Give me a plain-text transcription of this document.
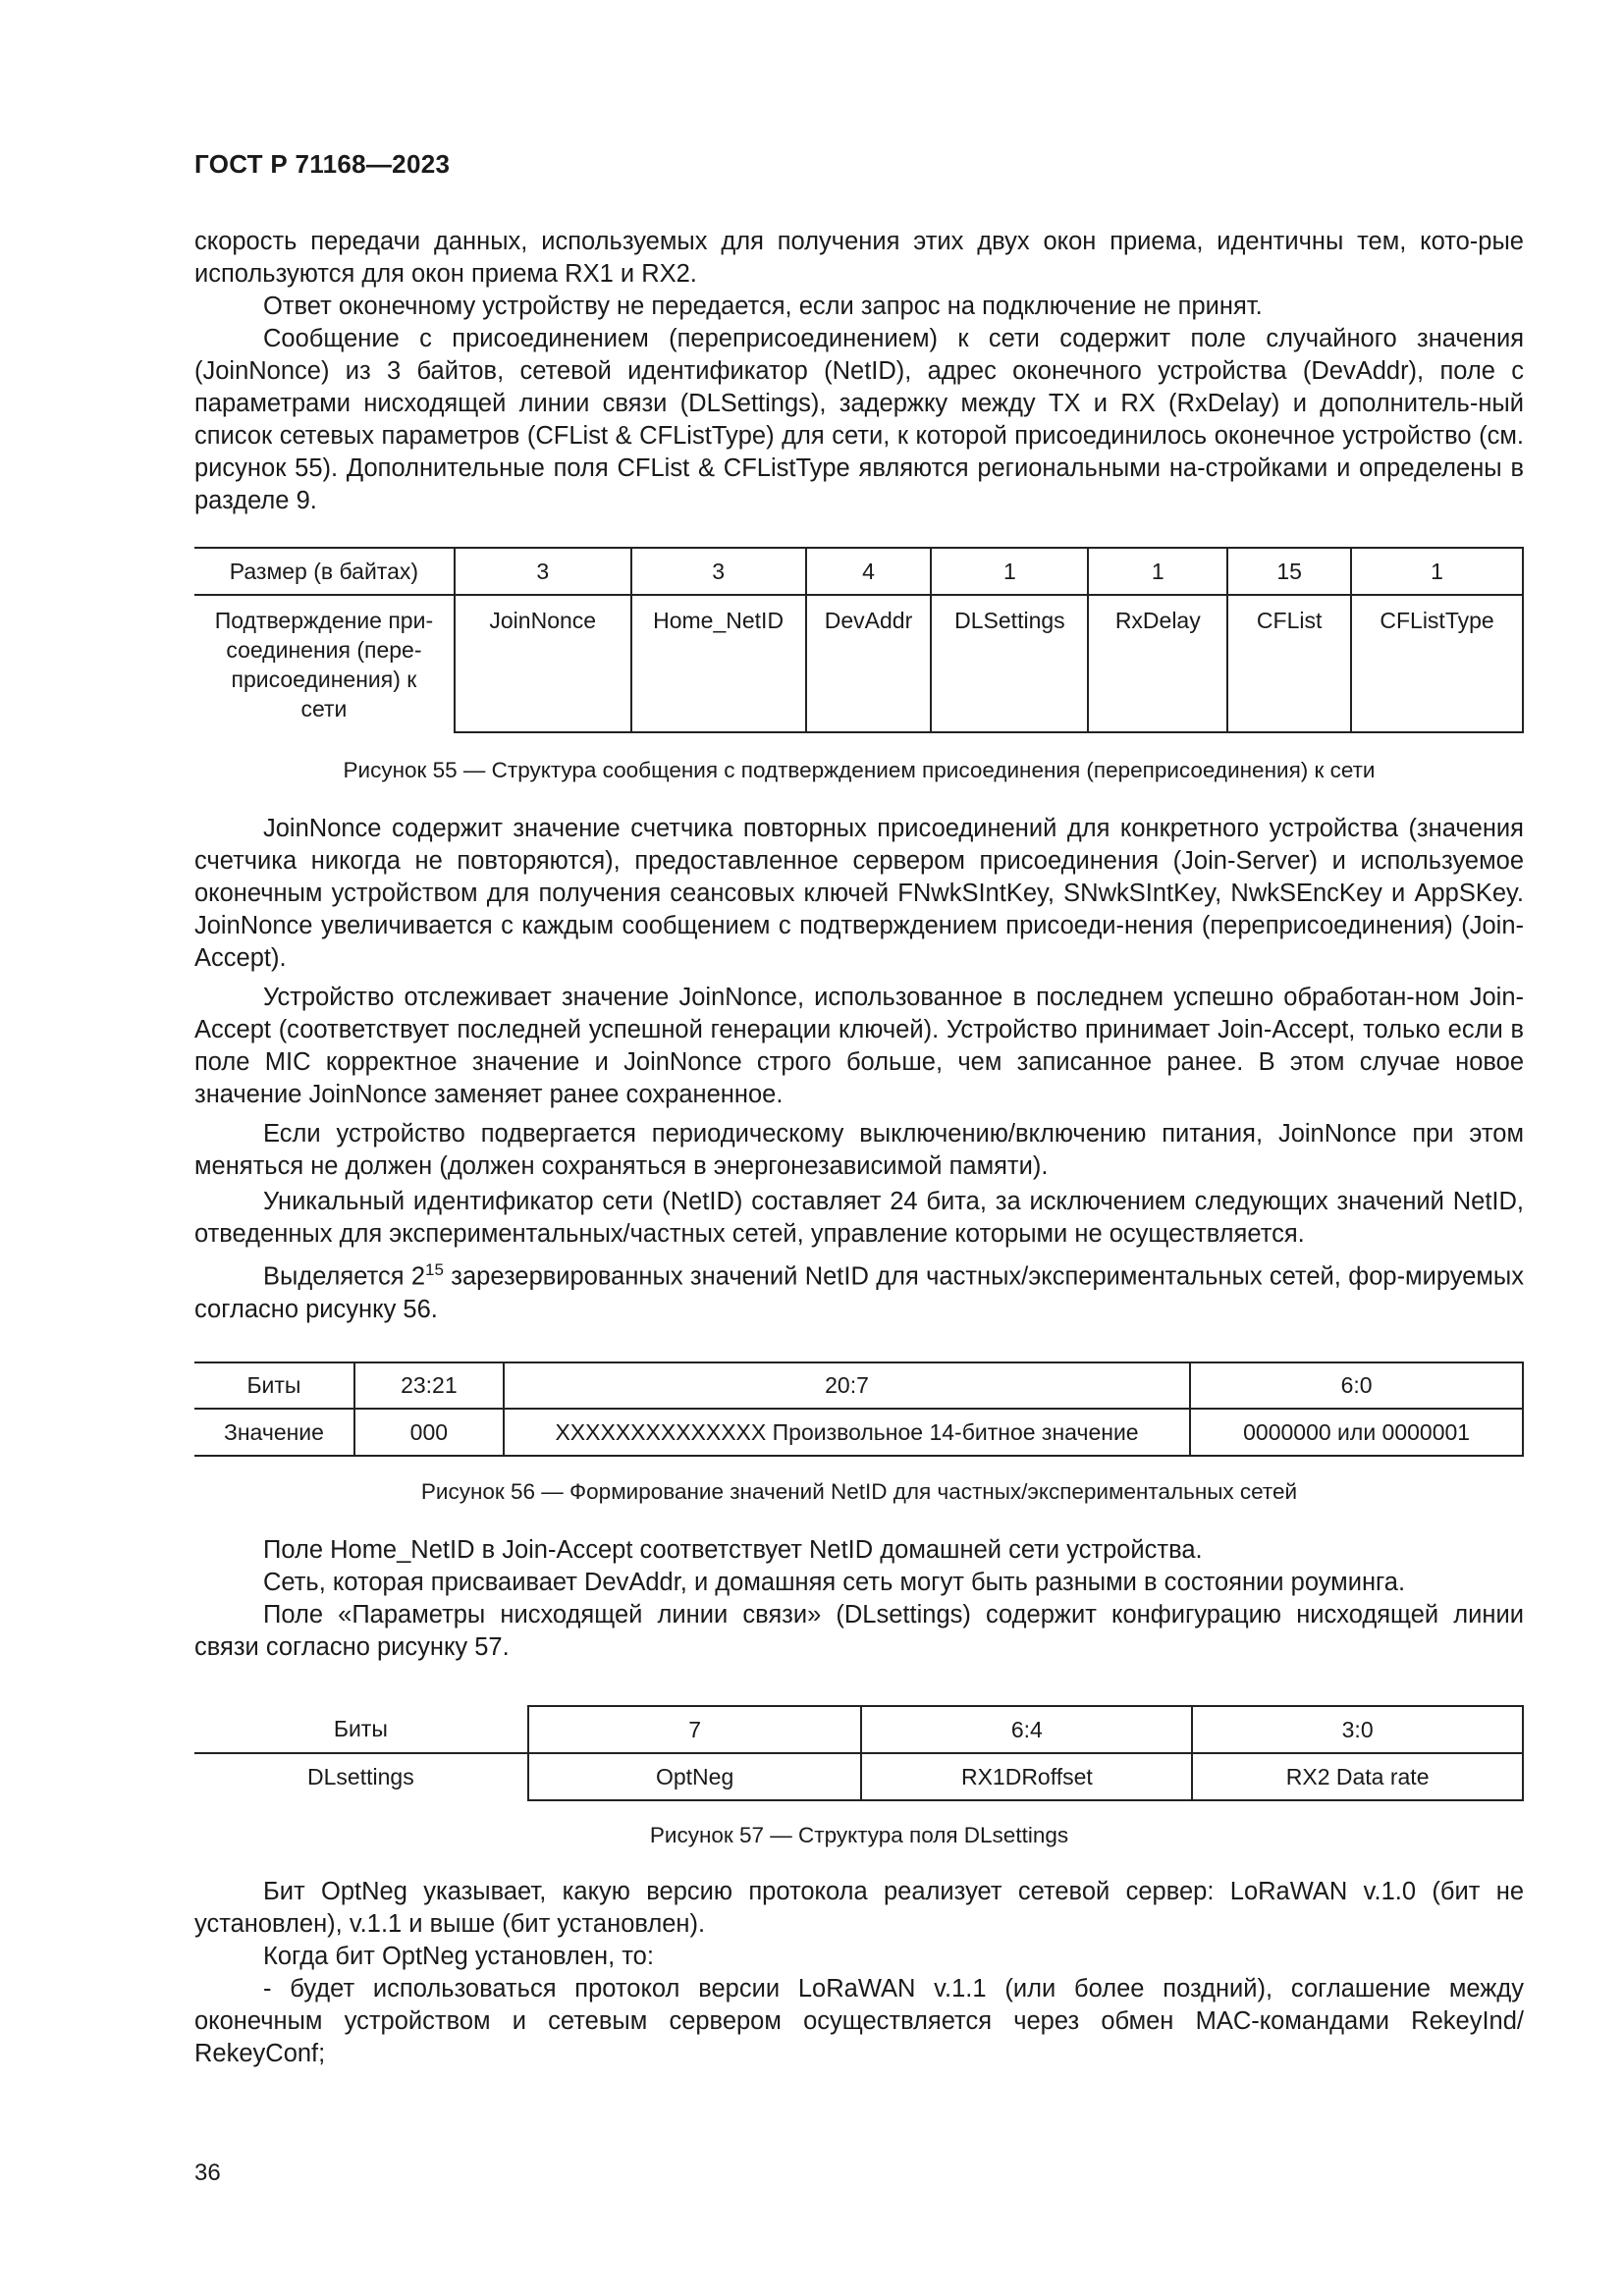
ГОСТ Р 71168—2023

скорость передачи данных, используемых для получения этих двух окон приема, идентичны тем, кото-рые используются для окон приема RX1 и RX2.

Ответ оконечному устройству не передается, если запрос на подключение не принят.

Сообщение с присоединением (переприсоединением) к сети содержит поле случайного значения (JoinNonce) из 3 байтов, сетевой идентификатор (NetID), адрес оконечного устройства (DevAddr), поле с параметрами нисходящей линии связи (DLSettings), задержку между TX и RX (RxDelay) и дополнитель-ный список сетевых параметров (CFList & CFListType) для сети, к которой присоединилось оконечное устройство (см. рисунок 55). Дополнительные поля CFList & CFListType являются региональными на-стройками и определены в разделе 9.

Размер (в байтах)	3	3	4	1	1	15	1
Подтверждение при-соединения (пере-присоединения) к сети	JoinNonce	Home_NetID	DevAddr	DLSettings	RxDelay	CFList	CFListType
Рисунок 55 — Структура сообщения с подтверждением присоединения (переприсоединения) к сети

JoinNonce содержит значение счетчика повторных присоединений для конкретного устройства (значения счетчика никогда не повторяются), предоставленное сервером присоединения (Join-Server) и используемое оконечным устройством для получения сеансовых ключей FNwkSIntKey, SNwkSIntKey, NwkSEncKey и AppSKey. JoinNonce увеличивается с каждым сообщением с подтверждением присоеди-нения (переприсоединения) (Join-Accept).

Устройство отслеживает значение JoinNonce, использованное в последнем успешно обработан-ном Join-Accept (соответствует последней успешной генерации ключей). Устройство принимает Join-Accept, только если в поле MIC корректное значение и JoinNonce строго больше, чем записанное ранее. В этом случае новое значение JoinNonce заменяет ранее сохраненное.

Если устройство подвергается периодическому выключению/включению питания, JoinNonce при этом меняться не должен (должен сохраняться в энергонезависимой памяти).

Уникальный идентификатор сети (NetID) составляет 24 бита, за исключением следующих значений NetID, отведенных для экспериментальных/частных сетей, управление которыми не осуществляется.

Выделяется $2^{15}$ зарезервированных значений NetID для частных/экспериментальных сетей, фор-мируемых согласно рисунку 56.

Биты	23:21	20:7	6:0
Значение	000	XXXXXXXXXXXXXX Произвольное 14-битное значение	0000000 или 0000001
Рисунок 56 — Формирование значений NetID для частных/экспериментальных сетей

Поле Home_NetID в Join-Accept соответствует NetID домашней сети устройства.

Сеть, которая присваивает DevAddr, и домашняя сеть могут быть разными в состоянии роуминга.

Поле «Параметры нисходящей линии связи» (DLsettings) содержит конфигурацию нисходящей линии связи согласно рисунку 57.

Биты	7	6:4	3:0
DLsettings	OptNeg	RX1DRoffset	RX2 Data rate
Рисунок 57 — Структура поля DLsettings

Бит OptNeg указывает, какую версию протокола реализует сетевой сервер: LoRaWAN v.1.0 (бит не установлен), v.1.1 и выше (бит установлен).

Когда бит OptNeg установлен, то:

- будет использоваться протокол версии LoRaWAN v.1.1 (или более поздний), соглашение между оконечным устройством и сетевым сервером осуществляется через обмен MAC-командами RekeyInd/ RekeyConf;

36
